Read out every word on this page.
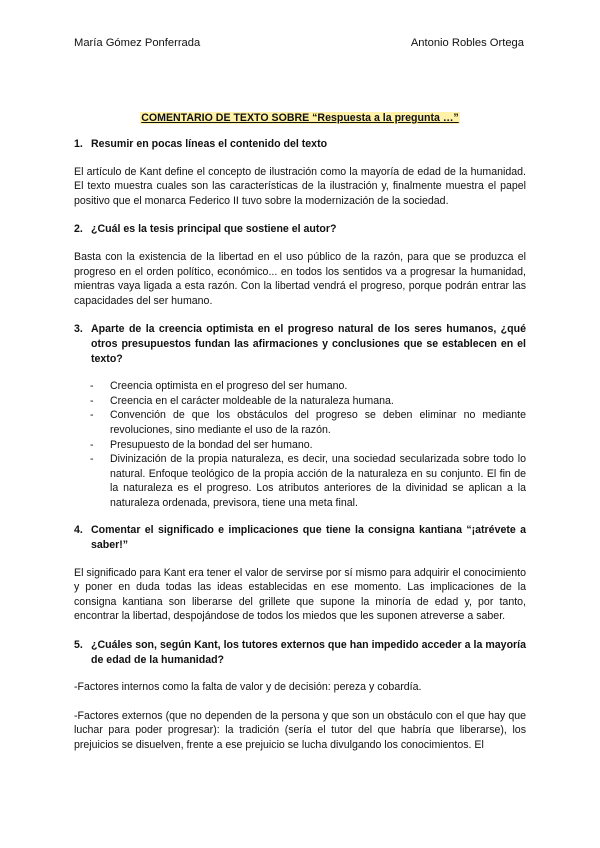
María Gómez Ponferrada	Antonio Robles Ortega
COMENTARIO DE TEXTO SOBRE “Respuesta a la pregunta …”
1. Resumir en pocas líneas el contenido del texto

El artículo de Kant define el concepto de ilustración como la mayoría de edad de la humanidad. El texto muestra cuales son las características de la ilustración y, finalmente muestra el papel positivo que el monarca Federico II tuvo sobre la modernización de la sociedad.

2. ¿Cuál es la tesis principal que sostiene el autor?

Basta con la existencia de la libertad en el uso público de la razón, para que se produzca el progreso en el orden político, económico... en todos los sentidos va a progresar la humanidad, mientras vaya ligada a esta razón. Con la libertad vendrá el progreso, porque podrán entrar las capacidades del ser humano.

3. Aparte de la creencia optimista en el progreso natural de los seres humanos, ¿qué otros presupuestos fundan las afirmaciones y conclusiones que se establecen en el texto?
-	Creencia optimista en el progreso del ser humano.
-	Creencia en el carácter moldeable de la naturaleza humana.
-	Convención de que los obstáculos del progreso se deben eliminar no mediante revoluciones, sino mediante el uso de la razón.
-	Presupuesto de la bondad del ser humano.
-	Divinización de la propia naturaleza, es decir, una sociedad secularizada sobre todo lo natural. Enfoque teológico de la propia acción de la naturaleza en su conjunto. El fin de la naturaleza es el progreso. Los atributos anteriores de la divinidad se aplican a la naturaleza ordenada, previsora, tiene una meta final.
4. Comentar el significado e implicaciones que tiene la consigna kantiana “¡atrévete a saber!”

El significado para Kant era tener el valor de servirse por sí mismo para adquirir el conocimiento y poner en duda todas las ideas establecidas en ese momento. Las implicaciones de la consigna kantiana son liberarse del grillete que supone la minoría de edad y, por tanto, encontrar la libertad, despojándose de todos los miedos que les suponen atreverse a saber.

5. ¿Cuáles son, según Kant, los tutores externos que han impedido acceder a la mayoría de edad de la humanidad?

-Factores internos como la falta de valor y de decisión: pereza y cobardía.

-Factores externos (que no dependen de la persona y que son un obstáculo con el que hay que luchar para poder progresar): la tradición (sería el tutor del que habría que liberarse), los prejuicios se disuelven, frente a ese prejuicio se lucha divulgando los conocimientos. El
